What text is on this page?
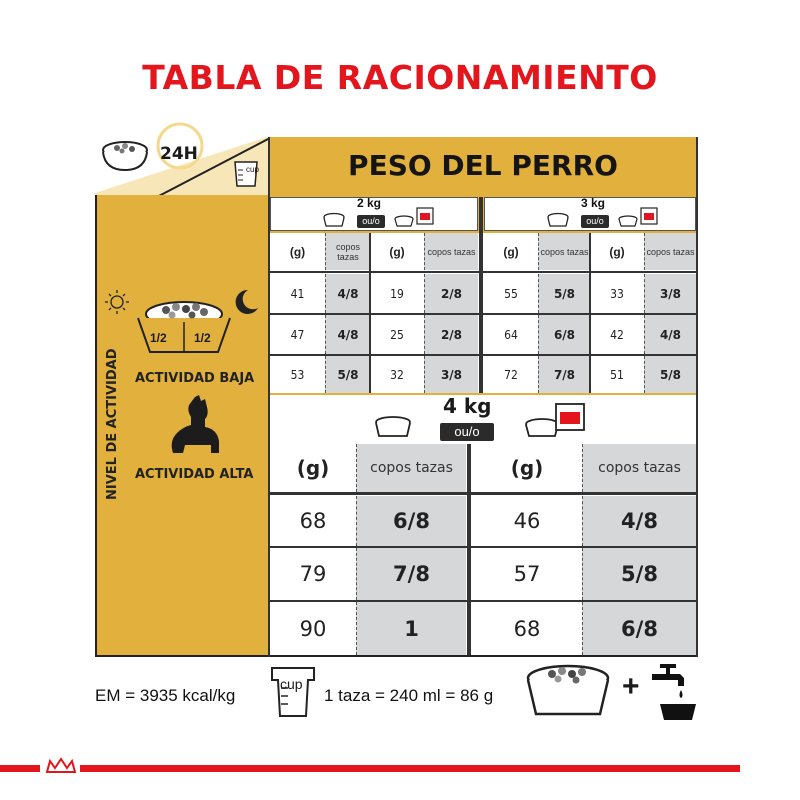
TABLA DE RACIONAMIENTO
24H
cup	PESO DEL PERRO
1/2 1/2
ACTIVIDAD BAJA
ACTIVIDAD ALTA
NIVEL DE ACTIVIDAD
2 kg
ou/o
3 kg
ou/o
(g)	copos tazas	(g)	copos tazas	(g)	copos tazas	(g)	copos tazas
41	4/8	19	2/8	55	5/8	33	3/8
47	4/8	25	2/8	64	6/8	42	4/8
53	5/8	32	3/8	72	7/8	51	5/8
4 kg
ou/o
(g)	copos tazas	(g)	copos tazas
68	6/8	46	4/8
79	7/8	57	5/8
90	1	68	6/8
EM = 3935 kcal/kg
cup
1 taza = 240 ml = 86 g	+
